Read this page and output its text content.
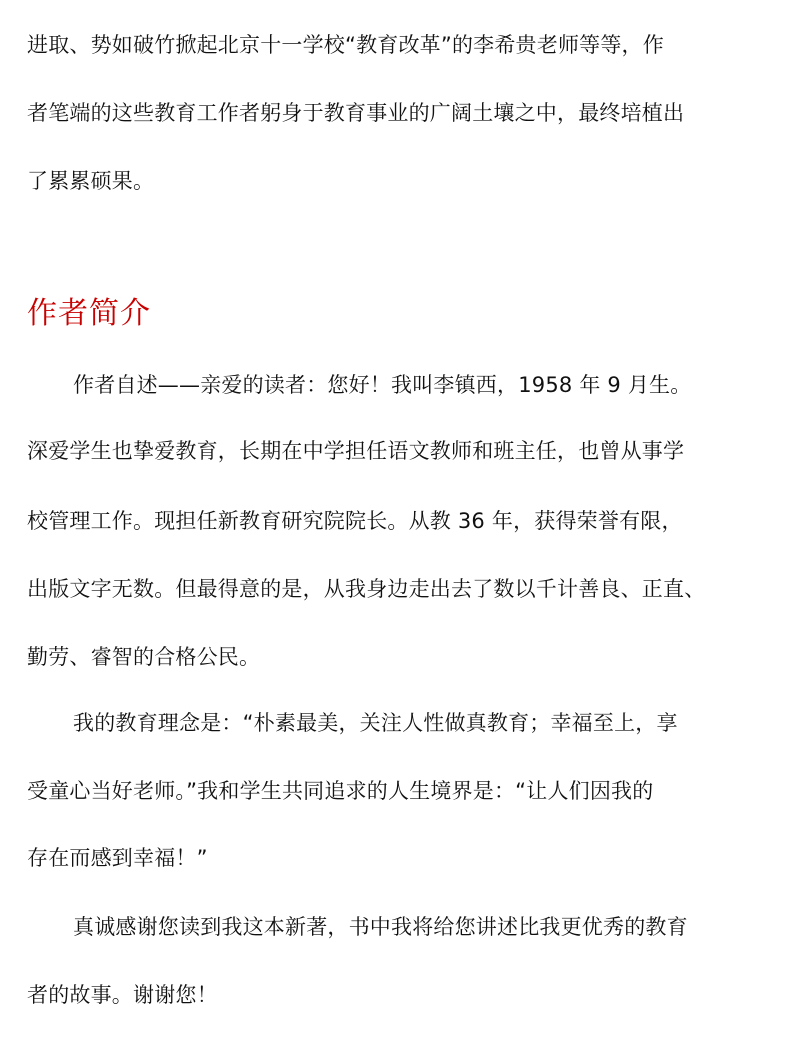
进取、势如破竹掀起北京十一学校“教育改革”的李希贵老师等等，作
者笔端的这些教育工作者躬身于教育事业的广阔土壤之中，最终培植出
了累累硕果。
作者简介
作者自述——亲爱的读者：您好！我叫李镇西，1958 年 9 月生。
深爱学生也挚爱教育，长期在中学担任语文教师和班主任，也曾从事学
校管理工作。现担任新教育研究院院长。从教 36 年，获得荣誉有限，
出版文字无数。但最得意的是，从我身边走出去了数以千计善良、正直、
勤劳、睿智的合格公民。
我的教育理念是：“朴素最美，关注人性做真教育；幸福至上，享
受童心当好老师。”我和学生共同追求的人生境界是：“让人们因我的
存在而感到幸福！”
真诚感谢您读到我这本新著，书中我将给您讲述比我更优秀的教育
者的故事。谢谢您！
